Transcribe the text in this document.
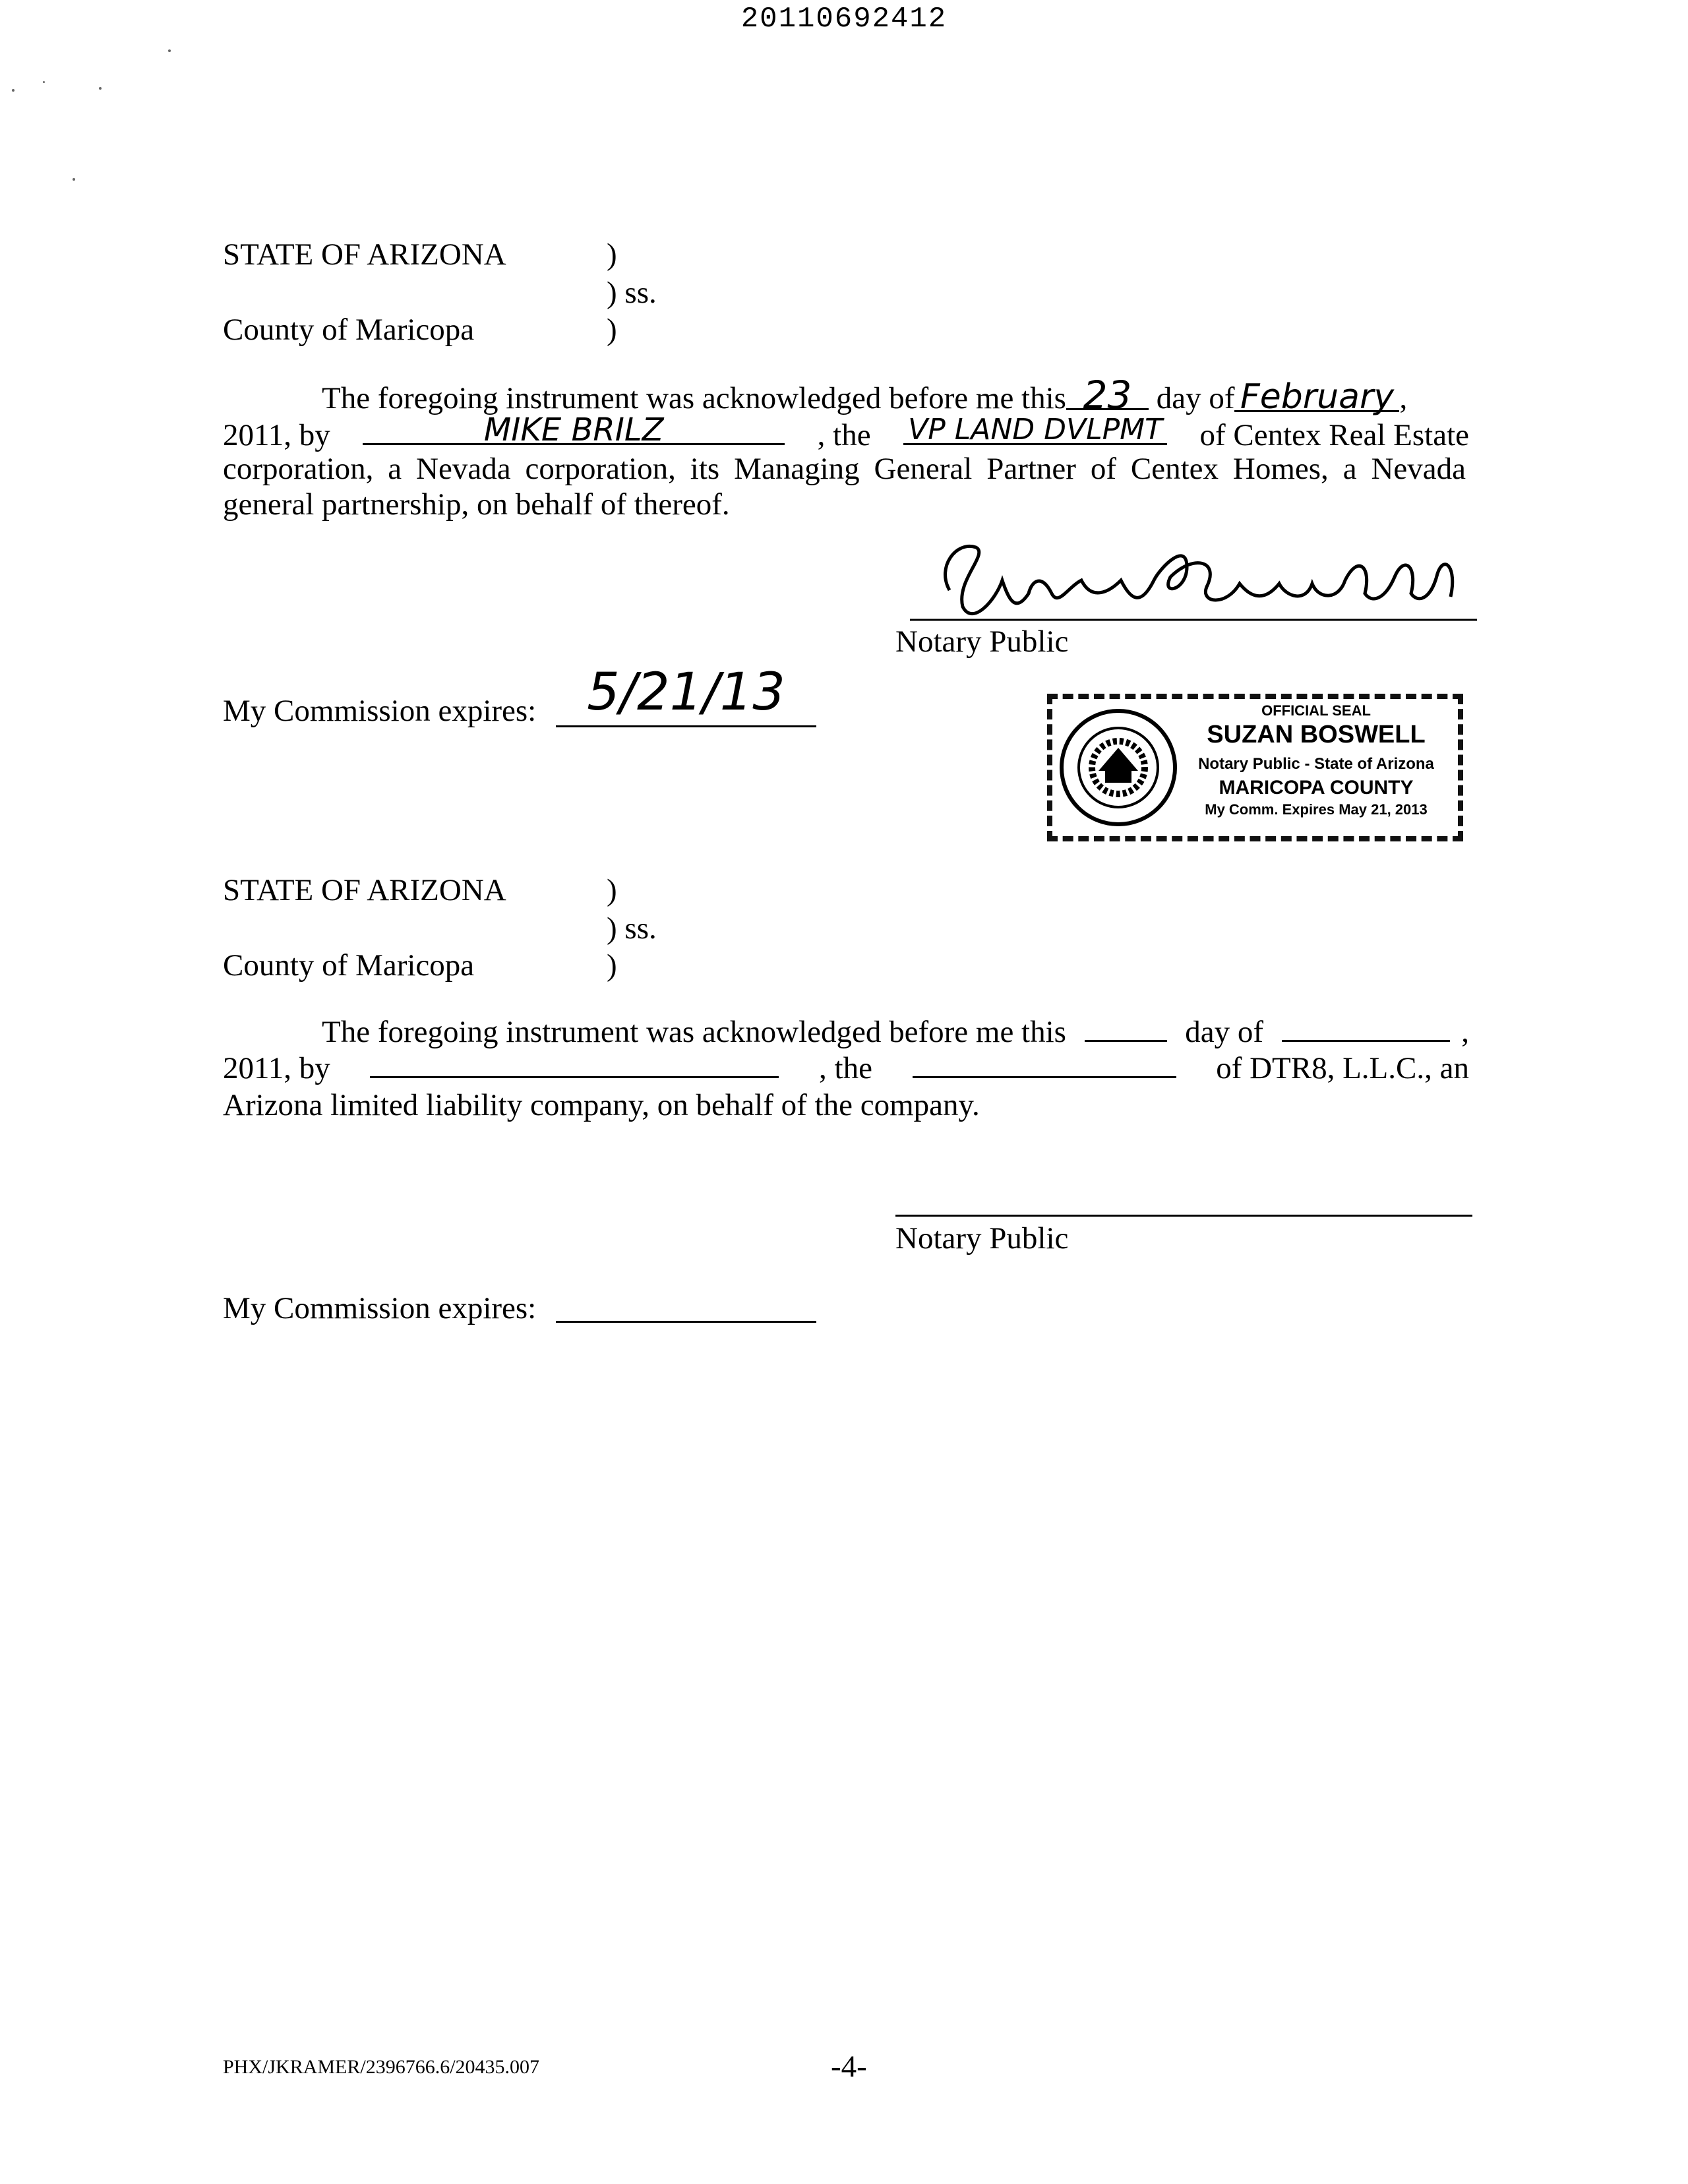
20110692412
STATE OF ARIZONA	)
) ss.
County of Maricopa	)
The foregoing instrument was acknowledged before me this 23 day of February ,
2011, by	MIKE BRILZ	, the VP LAND DVLPMT of Centex Real Estate
corporation, a Nevada corporation, its Managing General Partner of Centex Homes, a Nevada general partnership, on behalf of thereof.
Notary Public
My Commission expires: 5/21/13	OFFICIAL SEAL
SUZAN BOSWELL
Notary Public - State of Arizona
MARICOPA COUNTY
My Comm. Expires May 21, 2013
STATE OF ARIZONA	)
) ss.
County of Maricopa	)
The foregoing instrument was acknowledged before me this	day of	,
2011, by	, the	of DTR8, L.L.C., an
Arizona limited liability company, on behalf of the company.
Notary Public
My Commission expires:
PHX/JKRAMER/2396766.6/20435.007	-4-
